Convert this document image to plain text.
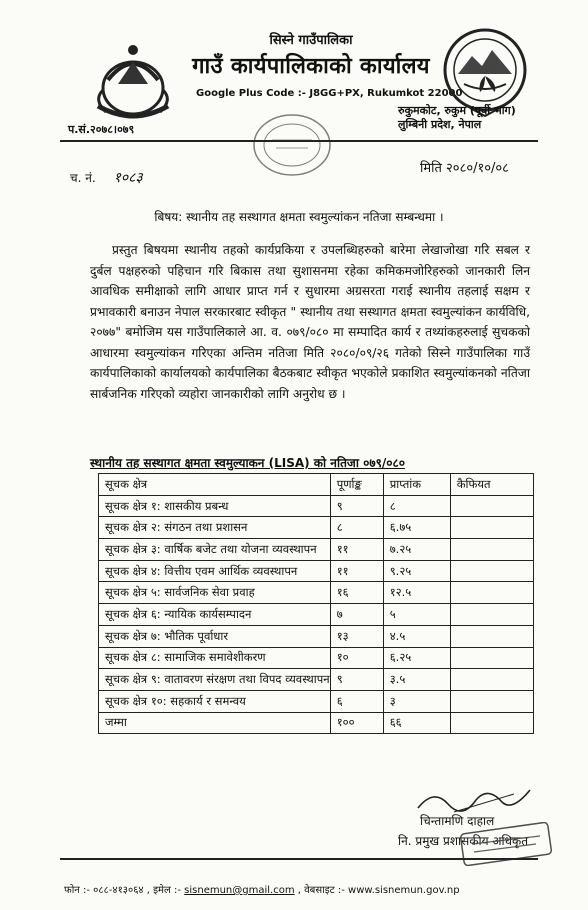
सिस्ने गाउँपालिका
गाउँ कार्यपालिकाको कार्यालय
Google Plus Code :- J8GG+PX, Rukumkot 22000
रुकुमकोट, रुकुम (पूर्वी भाग)
लुम्बिनी प्रदेश, नेपाल
प.सं.२०७८।०७९
च. नं. १०८३
मिति २०८०/१०/०८
बिषय: स्थानीय तह सस्थागत क्षमता स्वमुल्यांकन नतिजा सम्बन्धमा ।
प्रस्तुत बिषयमा स्थानीय तहको कार्यप्रकिया र उपलब्धिहरुको बारेमा लेखाजोखा गरि सबल र दुर्बल पक्षहरुको पहिचान गरि बिकास तथा सुशासनमा रहेका कमिकमजोरिहरुको जानकारी लिन आवधिक समीक्षाको लागि आधार प्राप्त गर्न र सुधारमा अग्रसरता गराई स्थानीय तहलाई सक्षम र प्रभावकारी बनाउन नेपाल सरकारबाट स्वीकृत " स्थानीय तथा सस्थागत क्षमता स्वमुल्यांकन कार्यविधि, २०७७" बमोजिम यस गाउँपालिकाले आ. व. ०७९/०८० मा सम्पादित कार्य र तथ्यांकहरुलाई सुचकको आधारमा स्वमुल्यांकन गरिएका अन्तिम नतिजा मिति २०८०/०९/२६ गतेको सिस्ने गाउँपालिका गाउँ कार्यपालिकाको कार्यालयको कार्यपालिका बैठकबाट स्वीकृत भएकोले प्रकाशित स्वमुल्यांकनको नतिजा सार्बजनिक गरिएको व्यहोरा जानकारीको लागि अनुरोध छ ।
स्थानीय तह सस्थागत क्षमता स्वमुल्याकन (LISA) को नतिजा ०७९/०८०
सूचक क्षेत्र	पूर्णाङ्क	प्राप्तांक	कैफियत
सूचक क्षेत्र १: शासकीय प्रबन्ध	९	८	
सूचक क्षेत्र २: संगठन तथा प्रशासन	८	६.७५	
सूचक क्षेत्र ३: वार्षिक बजेट तथा योजना व्यवस्थापन	११	७.२५	
सूचक क्षेत्र ४: वित्तीय एवम आर्थिक व्यवस्थापन	११	९.२५	
सूचक क्षेत्र ५: सार्वजनिक सेवा प्रवाह	१६	१२.५	
सूचक क्षेत्र ६: न्यायिक कार्यसम्पादन	७	५	
सूचक क्षेत्र ७: भौतिक पूर्वाधार	१३	४.५	
सूचक क्षेत्र ८: सामाजिक समावेशीकरण	१०	६.२५	
सूचक क्षेत्र ९: वातावरण संरक्षण तथा विपद व्यवस्थापन	९	३.५	
सूचक क्षेत्र १०: सहकार्य र समन्वय	६	३	
जम्मा	१००	६६	
चिन्तामणि दाहाल
नि. प्रमुख प्रशासकीय अधिकृत
फोन :- ०८८-४१३०६४ , इमेल :- sisnemun@gmail.com , वेबसाइट :- www.sisnemun.gov.np
